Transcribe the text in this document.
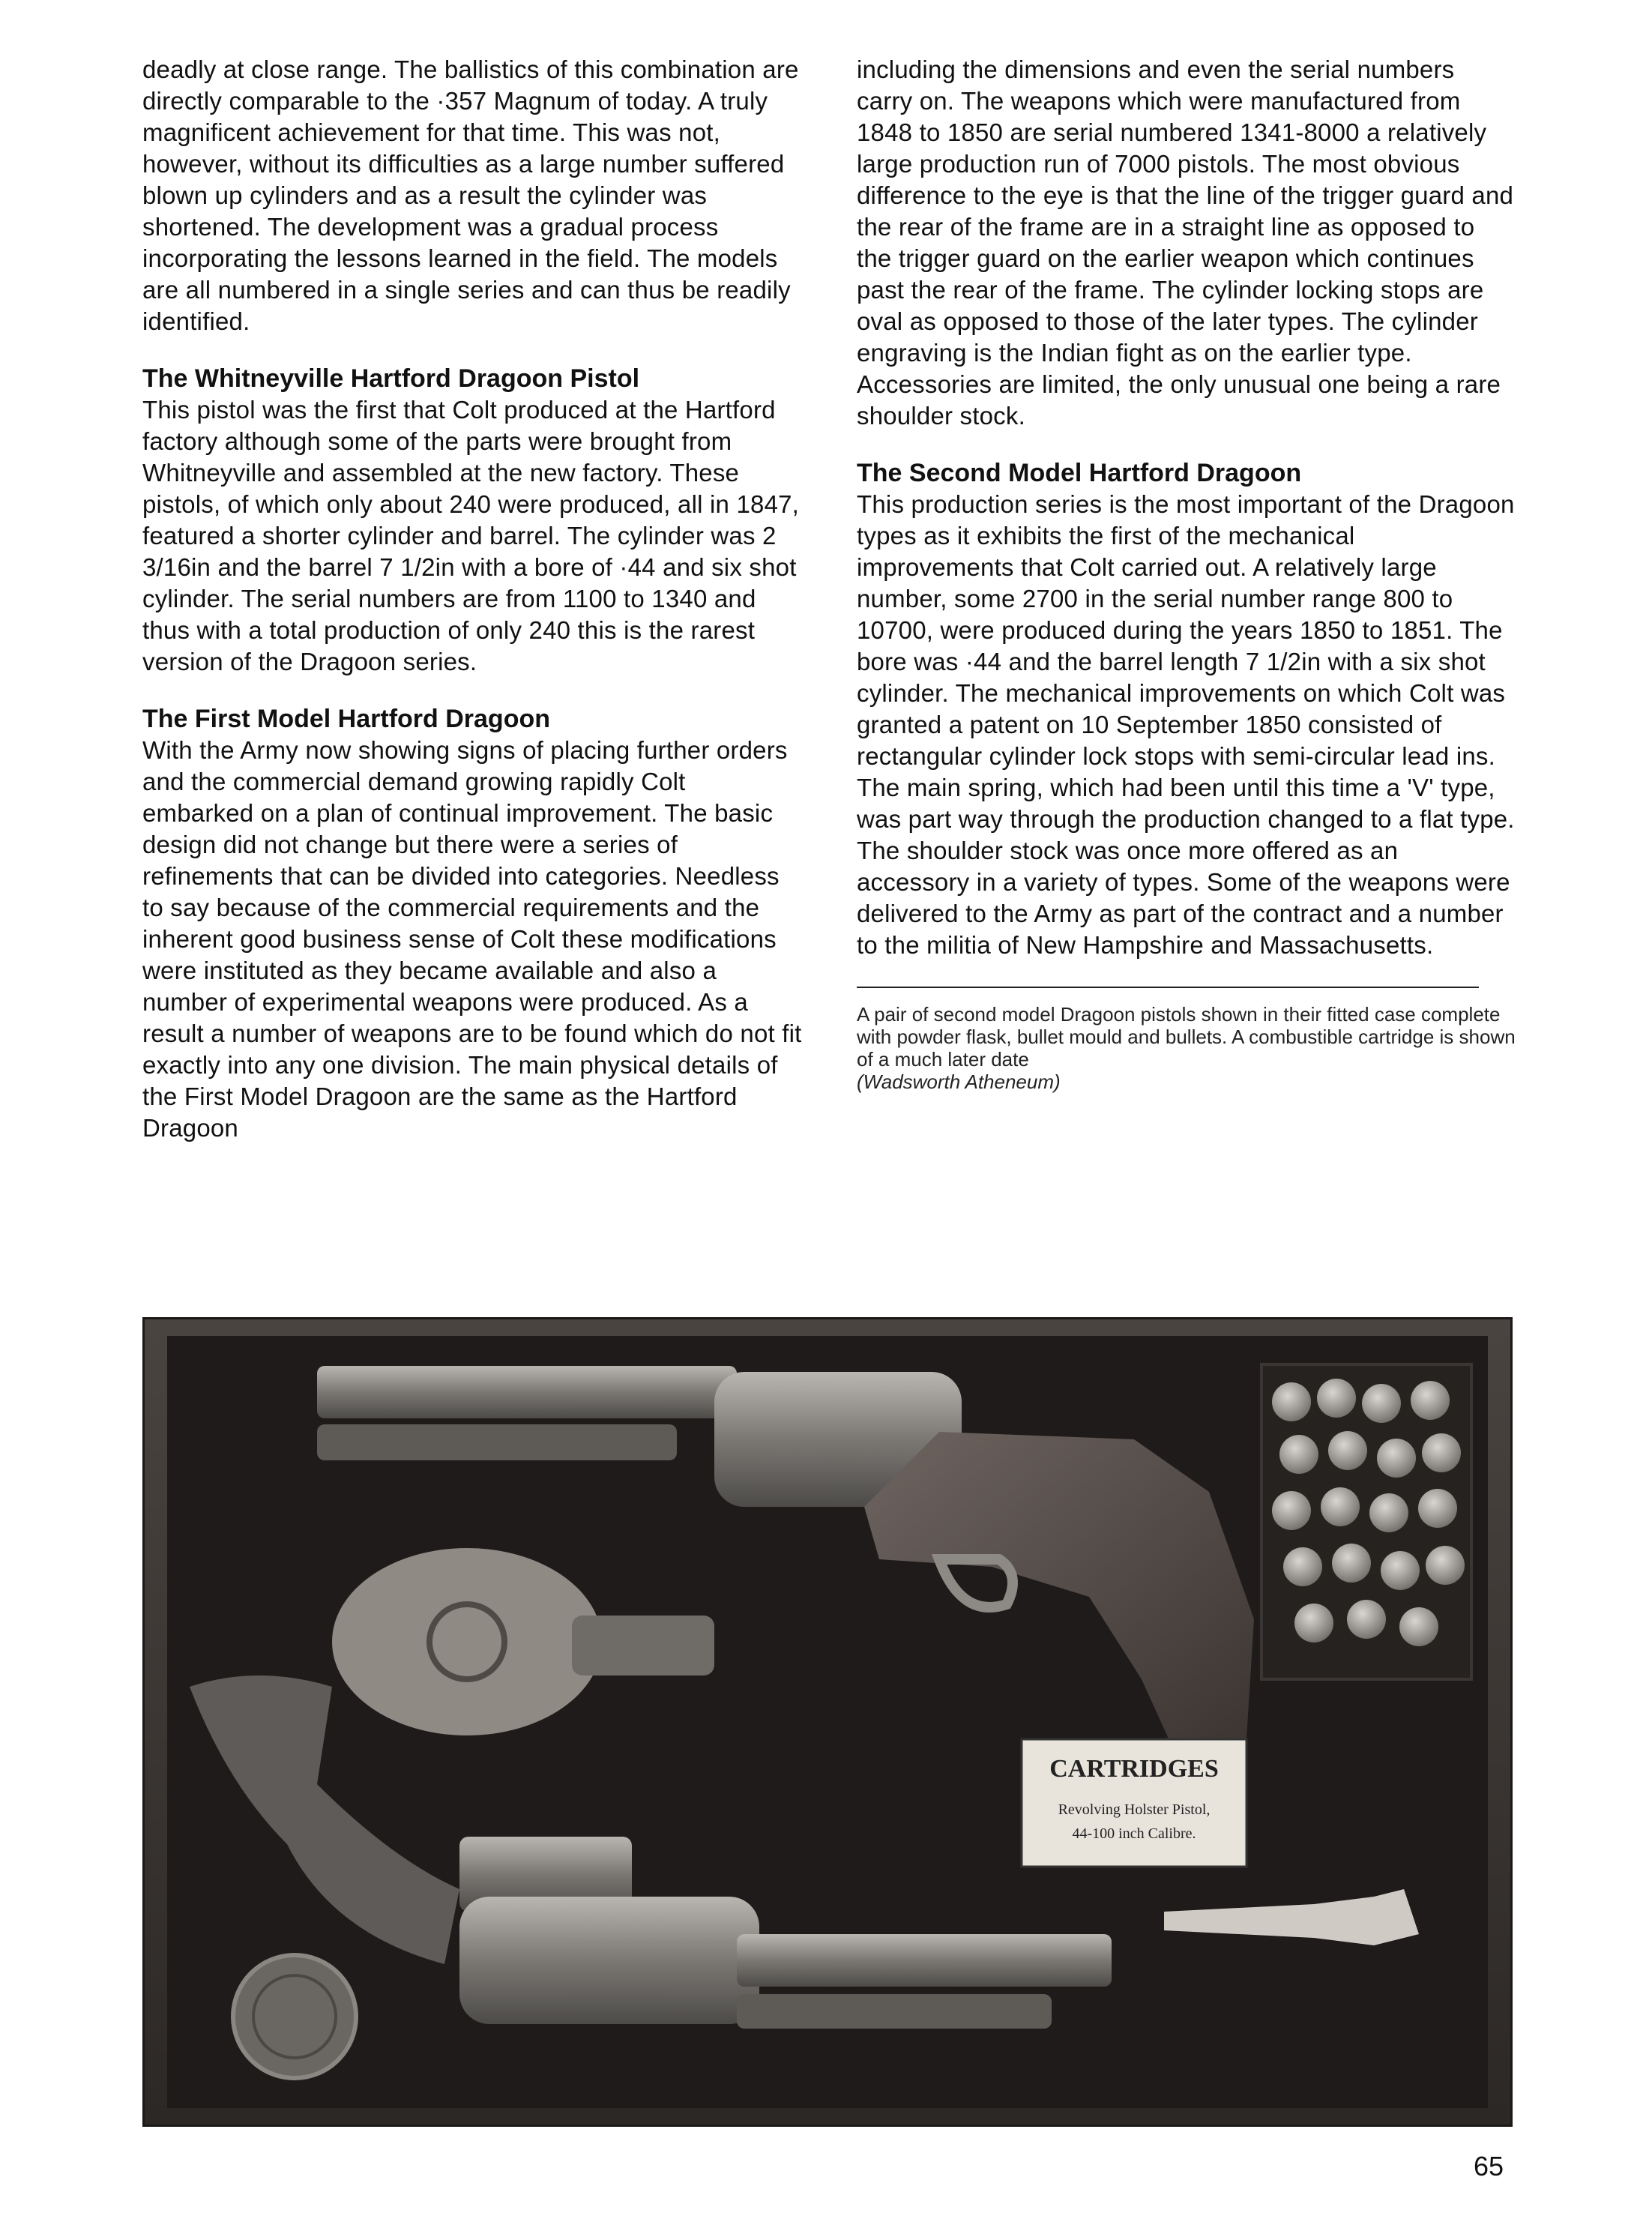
deadly at close range. The ballistics of this combination are directly comparable to the ·357 Magnum of today. A truly magnificent achievement for that time. This was not, however, without its difficulties as a large number suffered blown up cylinders and as a result the cylinder was shortened. The development was a gradual process incorporating the lessons learned in the field. The models are all numbered in a single series and can thus be readily identified.

The Whitneyville Hartford Dragoon Pistol

This pistol was the first that Colt produced at the Hartford factory although some of the parts were brought from Whitneyville and assembled at the new factory. These pistols, of which only about 240 were produced, all in 1847, featured a shorter cylinder and barrel. The cylinder was 2 3/16in and the barrel 7 1/2in with a bore of ·44 and six shot cylinder. The serial numbers are from 1100 to 1340 and thus with a total production of only 240 this is the rarest version of the Dragoon series.

The First Model Hartford Dragoon

With the Army now showing signs of placing further orders and the commercial demand growing rapidly Colt embarked on a plan of continual improvement. The basic design did not change but there were a series of refinements that can be divided into categories. Needless to say because of the commercial requirements and the inherent good business sense of Colt these modifications were instituted as they became available and also a number of experimental weapons were produced. As a result a number of weapons are to be found which do not fit exactly into any one division. The main physical details of the First Model Dragoon are the same as the Hartford Dragoon

including the dimensions and even the serial numbers carry on. The weapons which were manufactured from 1848 to 1850 are serial numbered 1341-8000 a relatively large production run of 7000 pistols. The most obvious difference to the eye is that the line of the trigger guard and the rear of the frame are in a straight line as opposed to the trigger guard on the earlier weapon which continues past the rear of the frame. The cylinder locking stops are oval as opposed to those of the later types. The cylinder engraving is the Indian fight as on the earlier type. Accessories are limited, the only unusual one being a rare shoulder stock.

The Second Model Hartford Dragoon

This production series is the most important of the Dragoon types as it exhibits the first of the mechanical improvements that Colt carried out. A relatively large number, some 2700 in the serial number range 800 to 10700, were produced during the years 1850 to 1851. The bore was ·44 and the barrel length 7 1/2in with a six shot cylinder. The mechanical improvements on which Colt was granted a patent on 10 September 1850 consisted of rectangular cylinder lock stops with semi-circular lead ins. The main spring, which had been until this time a 'V' type, was part way through the production changed to a flat type. The shoulder stock was once more offered as an accessory in a variety of types. Some of the weapons were delivered to the Army as part of the contract and a number to the militia of New Hampshire and Massachusetts.

A pair of second model Dragoon pistols shown in their fitted case complete with powder flask, bullet mould and bullets. A combustible cartridge is shown of a much later date
(Wadsworth Atheneum)

CARTRIDGES
Revolving Holster Pistol,
44-100 inch Calibre.
65
